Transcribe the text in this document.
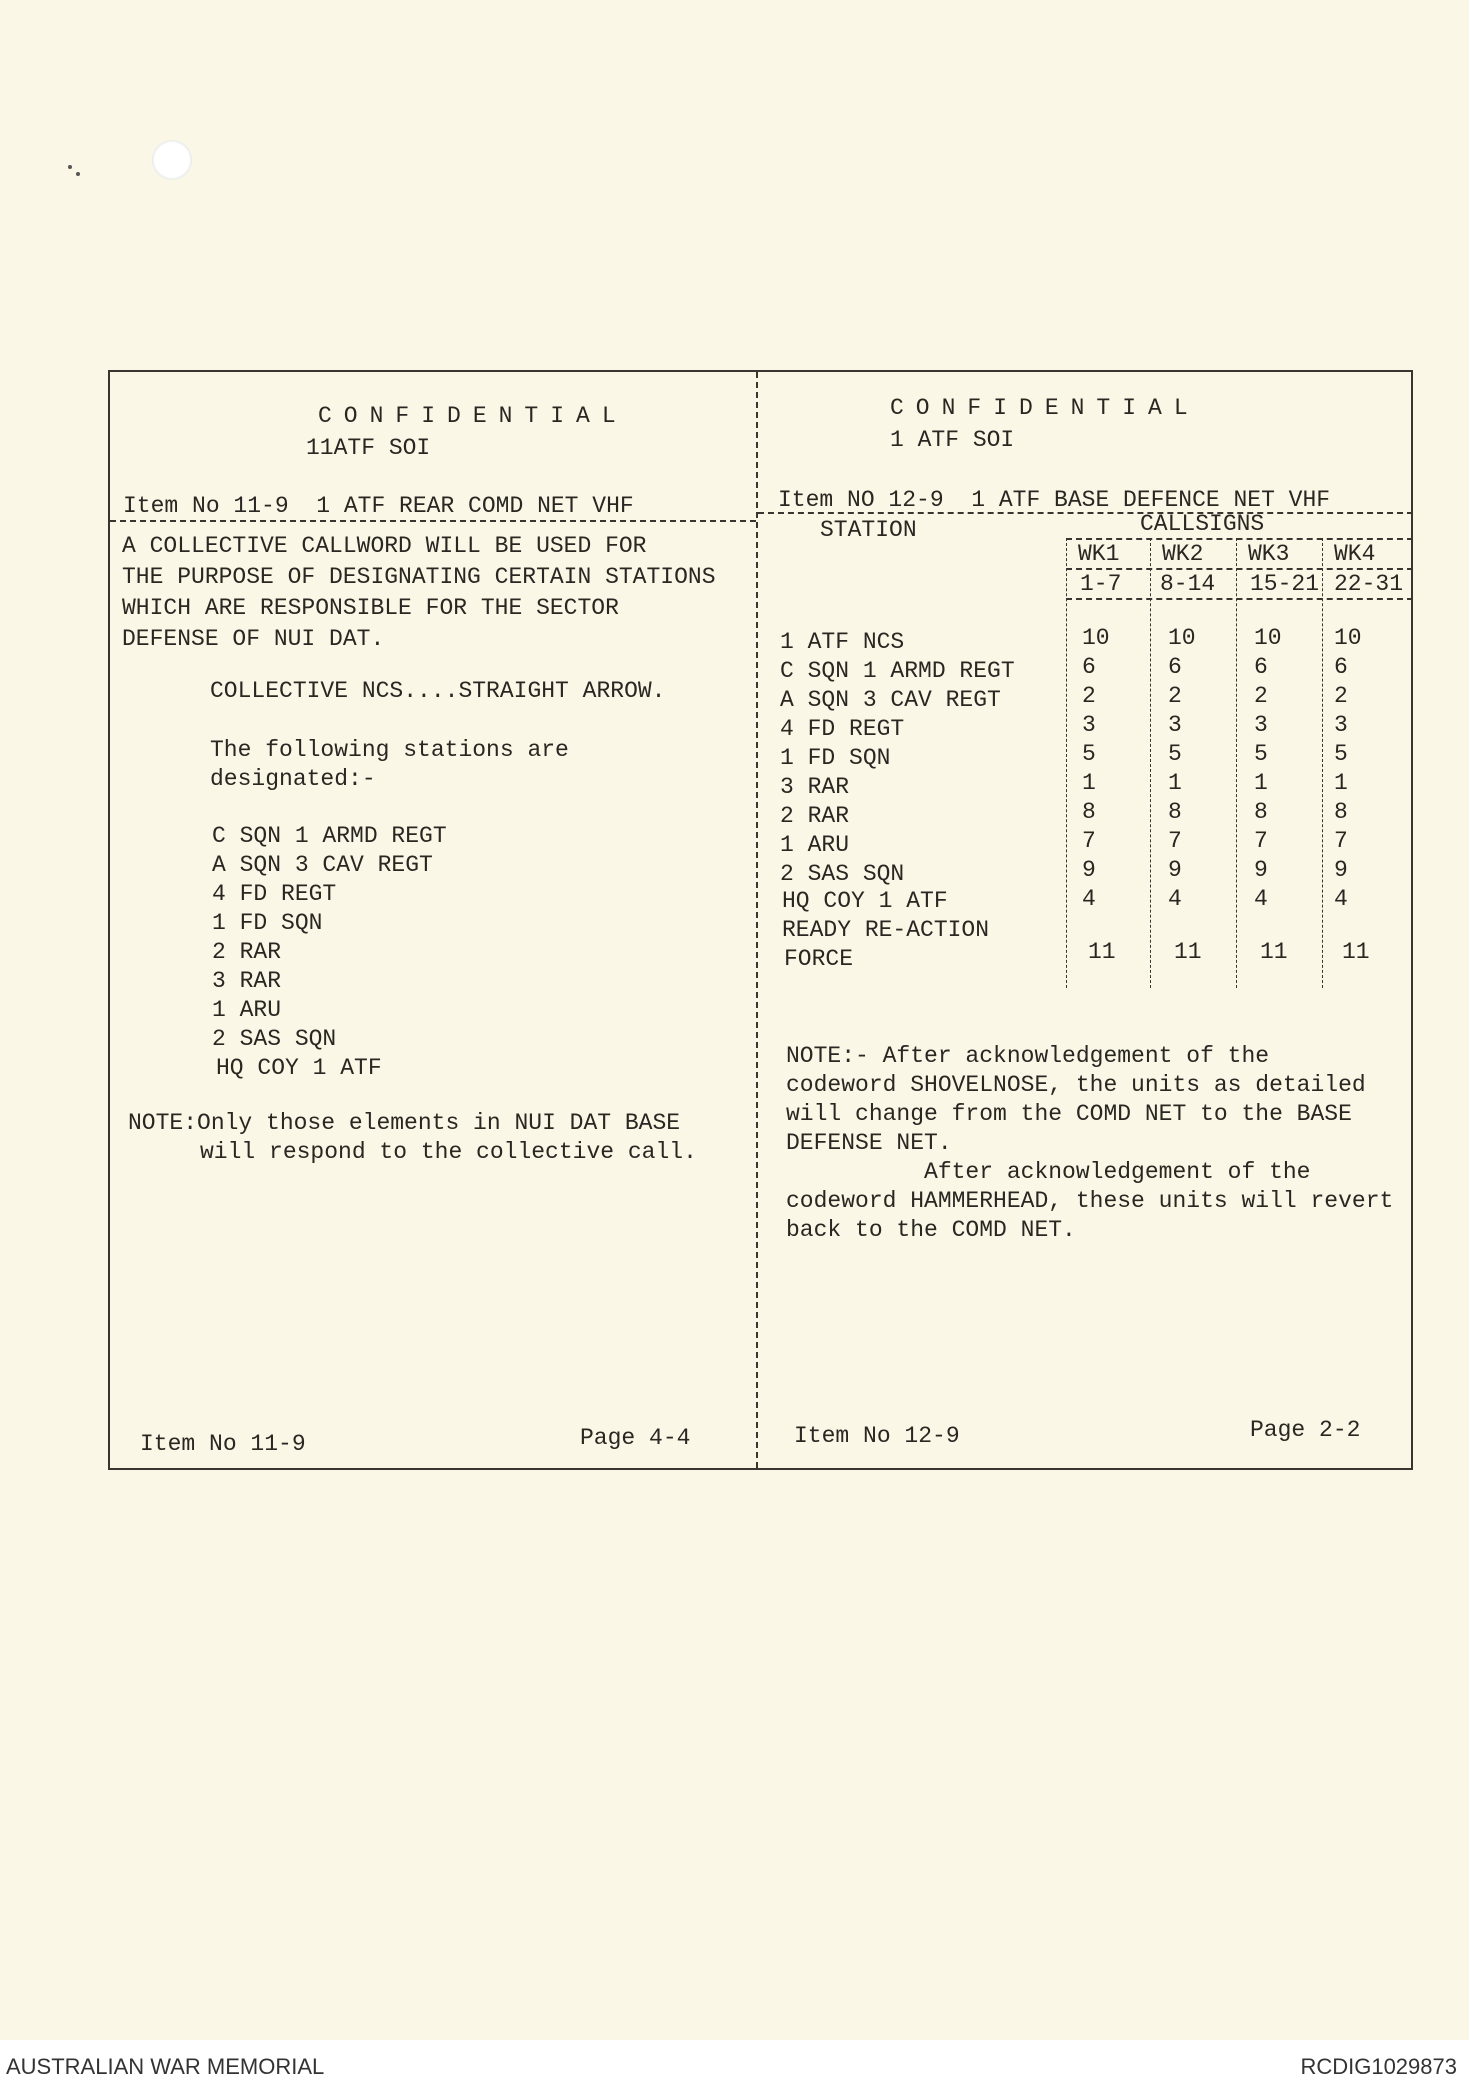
CONFIDENTIAL
11ATF SOI
Item No 11-9  1 ATF REAR COMD NET VHF
A COLLECTIVE CALLWORD WILL BE USED FOR
THE PURPOSE OF DESIGNATING CERTAIN STATIONS
WHICH ARE RESPONSIBLE FOR THE SECTOR
DEFENSE OF NUI DAT.
COLLECTIVE NCS....STRAIGHT ARROW.
The following stations are
designated:-
C SQN 1 ARMD REGT
A SQN 3 CAV REGT
4 FD REGT
1 FD SQN
2 RAR
3 RAR
1 ARU
2 SAS SQN
HQ COY 1 ATF
NOTE:Only those elements in NUI DAT BASE
will respond to the collective call.
Item No 11-9	Page 4-4
CONFIDENTIAL
1 ATF SOI
Item NO 12-9  1 ATF BASE DEFENCE NET VHF
STATION	CALLSIGNS
WK1 WK2 WK3 WK4
1-7 8-14 15-21 22-31
1 ATF NCS	10	10	10 10
C SQN 1 ARMD REGT	6	6	6	6
A SQN 3 CAV REGT	2	2	2	2
4 FD REGT	3	3	3	3
1 FD SQN	5	5	5	5
3 RAR	1	1	1	1
2 RAR	8	8	8	8
1 ARU	7	7	7	7
2 SAS SQN	9	9	9	9
HQ COY 1 ATF	4	4	4	4
READY RE-ACTION
FORCE	11	11	11 11
NOTE:- After acknowledgement of the
codeword SHOVELNOSE, the units as detailed
will change from the COMD NET to the BASE
DEFENSE NET.
After acknowledgement of the
codeword HAMMERHEAD, these units will revert
back to the COMD NET.
Item No 12-9	Page 2-2
AUSTRALIAN WAR MEMORIAL	RCDIG1029873
